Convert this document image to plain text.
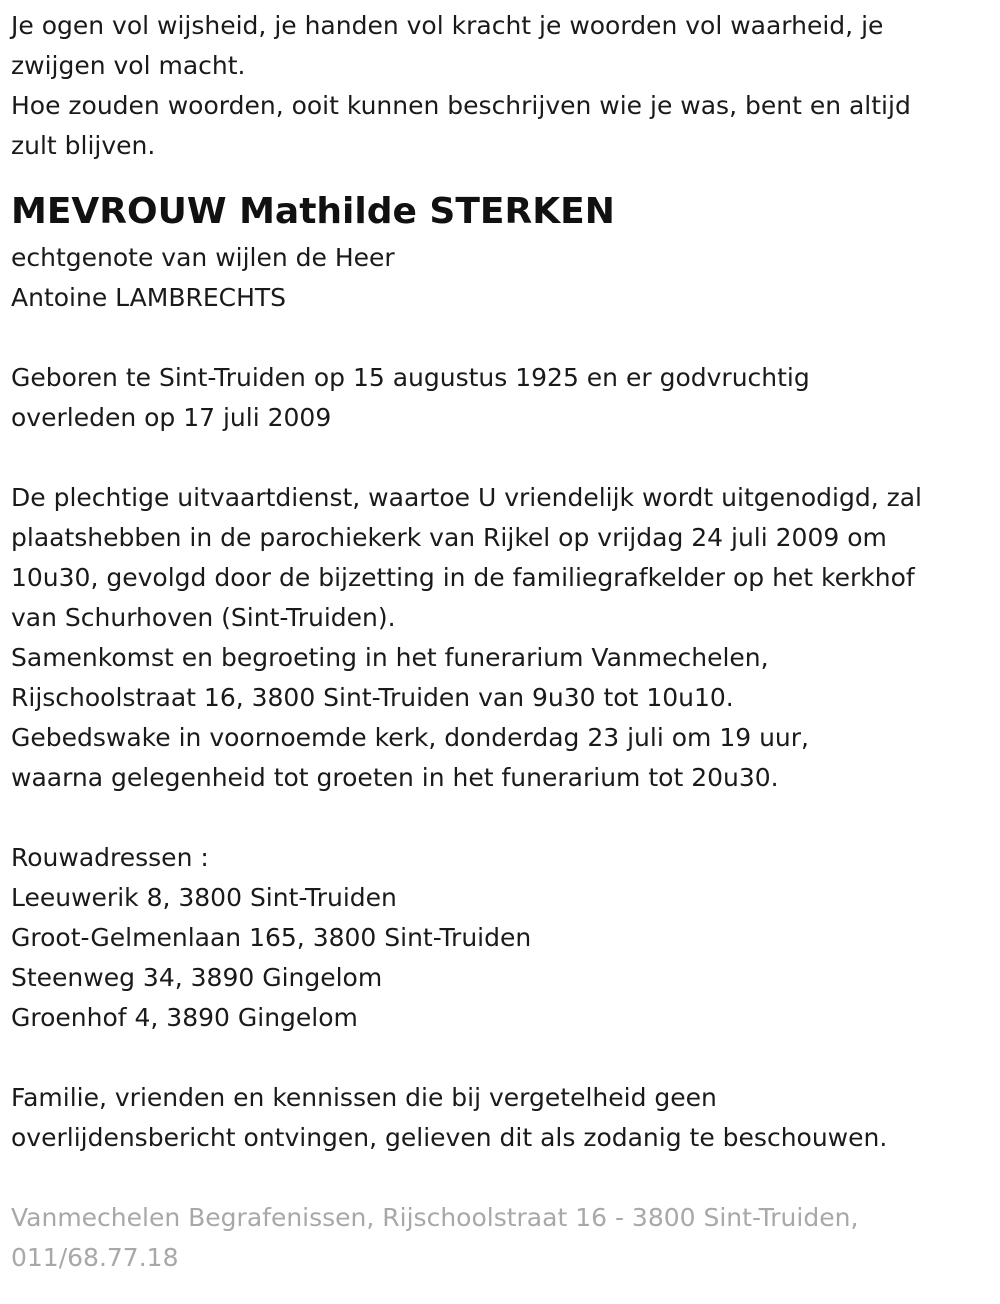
Je ogen vol wijsheid, je handen vol kracht je woorden vol waarheid, je

zwijgen vol macht.

Hoe zouden woorden, ooit kunnen beschrijven wie je was, bent en altijd

zult blijven.

MEVROUW Mathilde STERKEN

echtgenote van wijlen de Heer

Antoine LAMBRECHTS

Geboren te Sint-Truiden op 15 augustus 1925 en er godvruchtig

overleden op 17 juli 2009

De plechtige uitvaartdienst, waartoe U vriendelijk wordt uitgenodigd, zal

plaatshebben in de parochiekerk van Rijkel op vrijdag 24 juli 2009 om

10u30, gevolgd door de bijzetting in de familiegrafkelder op het kerkhof

van Schurhoven (Sint-Truiden).

Samenkomst en begroeting in het funerarium Vanmechelen,

Rijschoolstraat 16, 3800 Sint-Truiden van 9u30 tot 10u10.

Gebedswake in voornoemde kerk, donderdag 23 juli om 19 uur,

waarna gelegenheid tot groeten in het funerarium tot 20u30.

Rouwadressen :

Leeuwerik 8, 3800 Sint-Truiden

Groot-Gelmenlaan 165, 3800 Sint-Truiden

Steenweg 34, 3890 Gingelom

Groenhof 4, 3890 Gingelom

Familie, vrienden en kennissen die bij vergetelheid geen

overlijdensbericht ontvingen, gelieven dit als zodanig te beschouwen.

Vanmechelen Begrafenissen, Rijschoolstraat 16 - 3800 Sint-Truiden,

011/68.77.18
